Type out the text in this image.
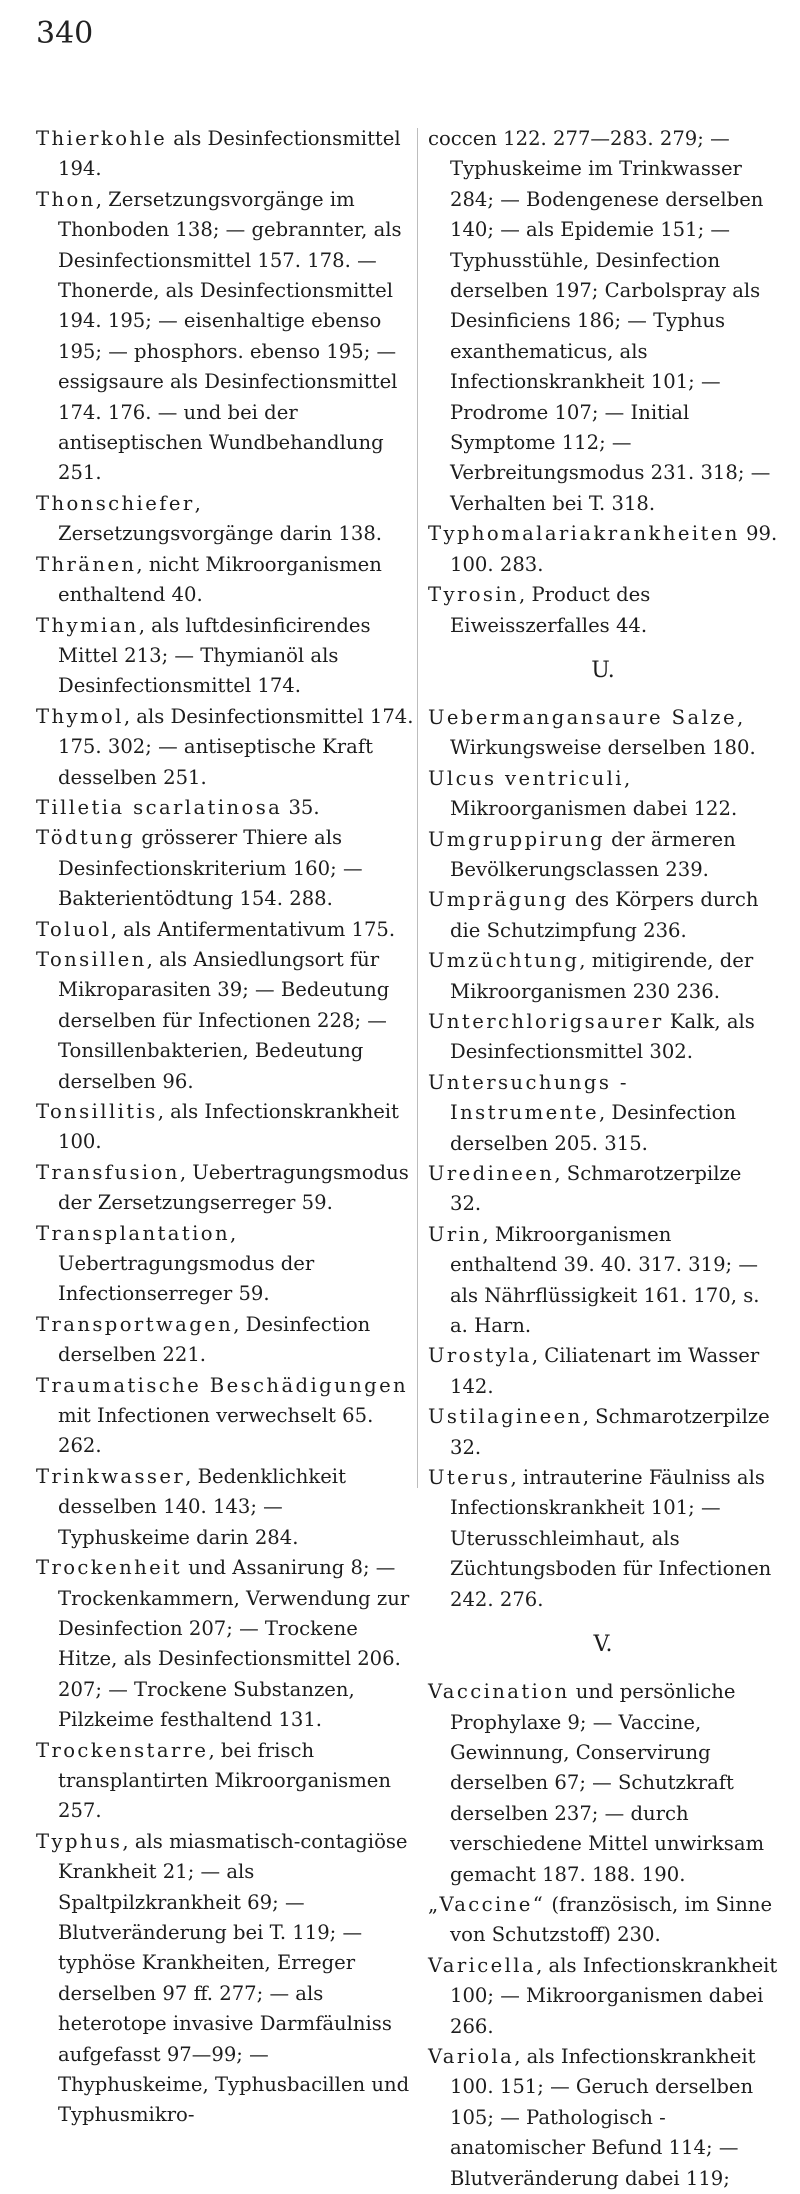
340

Thierkohle als Desinfectionsmittel 194.

Thon, Zersetzungsvorgänge im Thonboden 138; — gebrannter, als Desinfectionsmittel 157. 178. — Thonerde, als Desinfectionsmittel 194. 195; — eisenhaltige ebenso 195; — phosphors. ebenso 195; — essigsaure als Desinfectionsmittel 174. 176. — und bei der antiseptischen Wundbehandlung 251.

Thonschiefer, Zersetzungsvorgänge darin 138.

Thränen, nicht Mikroorganismen enthaltend 40.

Thymian, als luftdesinficirendes Mittel 213; — Thymianöl als Desinfectionsmittel 174.

Thymol, als Desinfectionsmittel 174. 175. 302; — antiseptische Kraft desselben 251.

Tilletia scarlatinosa 35.

Tödtung grösserer Thiere als Desinfectionskriterium 160; — Bakterientödtung 154. 288.

Toluol, als Antifermentativum 175.

Tonsillen, als Ansiedlungsort für Mikroparasiten 39; — Bedeutung derselben für Infectionen 228; — Tonsillenbakterien, Bedeutung derselben 96.

Tonsillitis, als Infectionskrankheit 100.

Transfusion, Uebertragungsmodus der Zersetzungserreger 59.

Transplantation, Uebertragungsmodus der Infectionserreger 59.

Transportwagen, Desinfection derselben 221.

Traumatische Beschädigungen mit Infectionen verwechselt 65. 262.

Trinkwasser, Bedenklichkeit desselben 140. 143; — Typhuskeime darin 284.

Trockenheit und Assanirung 8; — Trockenkammern, Verwendung zur Desinfection 207; — Trockene Hitze, als Desinfectionsmittel 206. 207; — Trockene Substanzen, Pilzkeime festhaltend 131.

Trockenstarre, bei frisch transplantirten Mikroorganismen 257.

Typhus, als miasmatisch-contagiöse Krankheit 21; — als Spaltpilzkrankheit 69; — Blutveränderung bei T. 119; — typhöse Krankheiten, Erreger derselben 97 ff. 277; — als heterotope invasive Darmfäulniss aufgefasst 97—99; — Thyphuskeime, Typhusbacillen und Typhusmikro-

coccen 122. 277—283. 279; — Typhuskeime im Trinkwasser 284; — Bodengenese derselben 140; — als Epidemie 151; — Typhusstühle, Desinfection derselben 197; Carbolspray als Desinficiens 186; — Typhus exanthematicus, als Infectionskrankheit 101; — Prodrome 107; — Initial Symptome 112; — Verbreitungsmodus 231. 318; — Verhalten bei T. 318.

Typhomalariakrankheiten 99. 100. 283.

Tyrosin, Product des Eiweisszerfalles 44.

U.

Uebermangansaure Salze, Wirkungsweise derselben 180.

Ulcus ventriculi, Mikroorganismen dabei 122.

Umgruppirung der ärmeren Bevölkerungsclassen 239.

Umprägung des Körpers durch die Schutzimpfung 236.

Umzüchtung, mitigirende, der Mikroorganismen 230 236.

Unterchlorigsaurer Kalk, als Desinfectionsmittel 302.

Untersuchungs - Instrumente, Desinfection derselben 205. 315.

Uredineen, Schmarotzerpilze 32.

Urin, Mikroorganismen enthaltend 39. 40. 317. 319; — als Nährflüssigkeit 161. 170, s. a. Harn.

Urostyla, Ciliatenart im Wasser 142.

Ustilagineen, Schmarotzerpilze 32.

Uterus, intrauterine Fäulniss als Infectionskrankheit 101; — Uterusschleimhaut, als Züchtungsboden für Infectionen 242. 276.

V.

Vaccination und persönliche Prophylaxe 9; — Vaccine, Gewinnung, Conservirung derselben 67; — Schutzkraft derselben 237; — durch verschiedene Mittel unwirksam gemacht 187. 188. 190.

„Vaccine“ (französisch, im Sinne von Schutzstoff) 230.

Varicella, als Infectionskrankheit 100; — Mikroorganismen dabei 266.

Variola, als Infectionskrankheit 100. 151; — Geruch derselben 105; — Pathologisch - anatomischer Befund 114; — Blutveränderung dabei 119;
